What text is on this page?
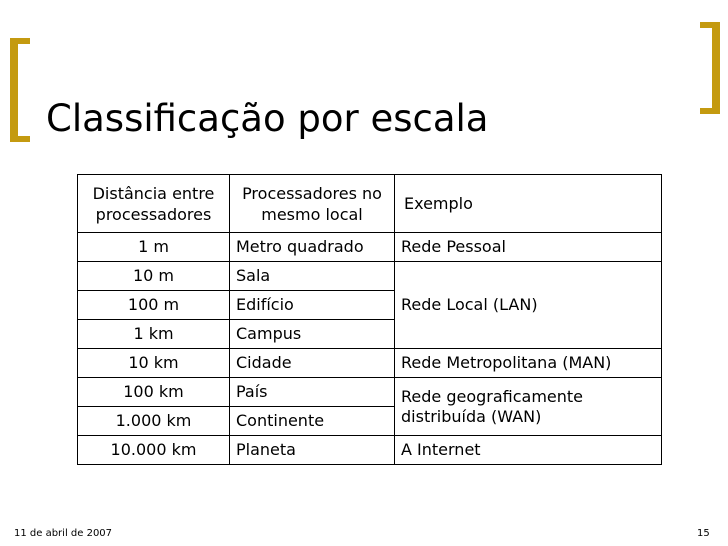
Classificação por escala
Distância entre processadores	Processadores no mesmo local	Exemplo
1 m	Metro quadrado	Rede Pessoal
10 m	Sala	Rede Local (LAN)
100 m	Edifício	
1 km	Campus	
10 km	Cidade	Rede Metropolitana (MAN)
100 km	País	Rede geograficamente distribuída (WAN)
1.000 km	Continente	
10.000 km	Planeta	A Internet
11 de abril de 2007	15
